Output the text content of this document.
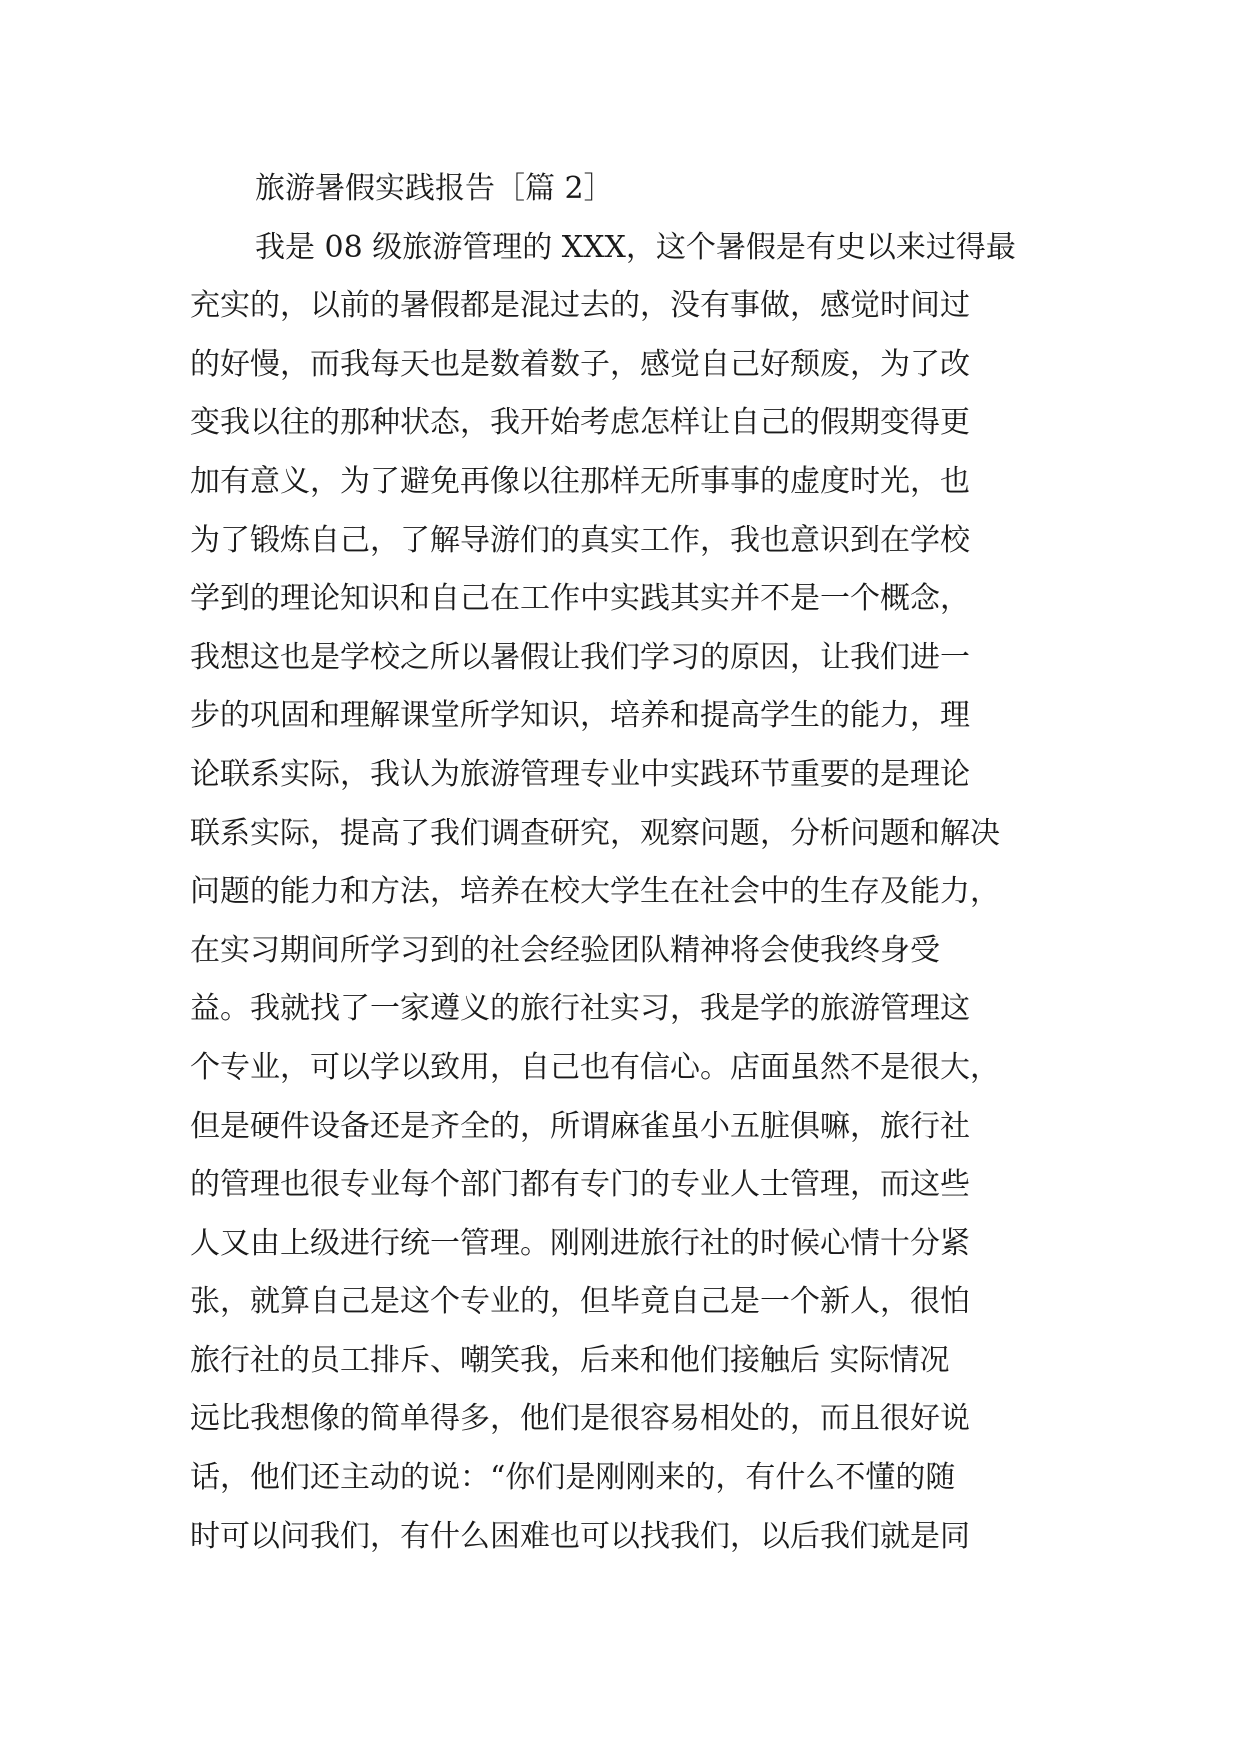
旅游暑假实践报告［篇 2］
我是 08 级旅游管理的 XXX，这个暑假是有史以来过得最
充实的，以前的暑假都是混过去的，没有事做，感觉时间过
的好慢，而我每天也是数着数子，感觉自己好颓废，为了改
变我以往的那种状态，我开始考虑怎样让自己的假期变得更
加有意义，为了避免再像以往那样无所事事的虚度时光，也
为了锻炼自己，了解导游们的真实工作，我也意识到在学校
学到的理论知识和自己在工作中实践其实并不是一个概念，
我想这也是学校之所以暑假让我们学习的原因，让我们进一
步的巩固和理解课堂所学知识，培养和提高学生的能力，理
论联系实际，我认为旅游管理专业中实践环节重要的是理论
联系实际，提高了我们调查研究，观察问题，分析问题和解决
问题的能力和方法，培养在校大学生在社会中的生存及能力，
在实习期间所学习到的社会经验团队精神将会使我终身受
益。我就找了一家遵义的旅行社实习，我是学的旅游管理这
个专业，可以学以致用，自己也有信心。店面虽然不是很大，
但是硬件设备还是齐全的，所谓麻雀虽小五脏俱嘛，旅行社
的管理也很专业每个部门都有专门的专业人士管理，而这些
人又由上级进行统一管理。刚刚进旅行社的时候心情十分紧
张，就算自己是这个专业的，但毕竟自己是一个新人，很怕
旅行社的员工排斥、嘲笑我，后来和他们接触后 实际情况
远比我想像的简单得多，他们是很容易相处的，而且很好说
话，他们还主动的说：“你们是刚刚来的，有什么不懂的随
时可以问我们，有什么困难也可以找我们，以后我们就是同
